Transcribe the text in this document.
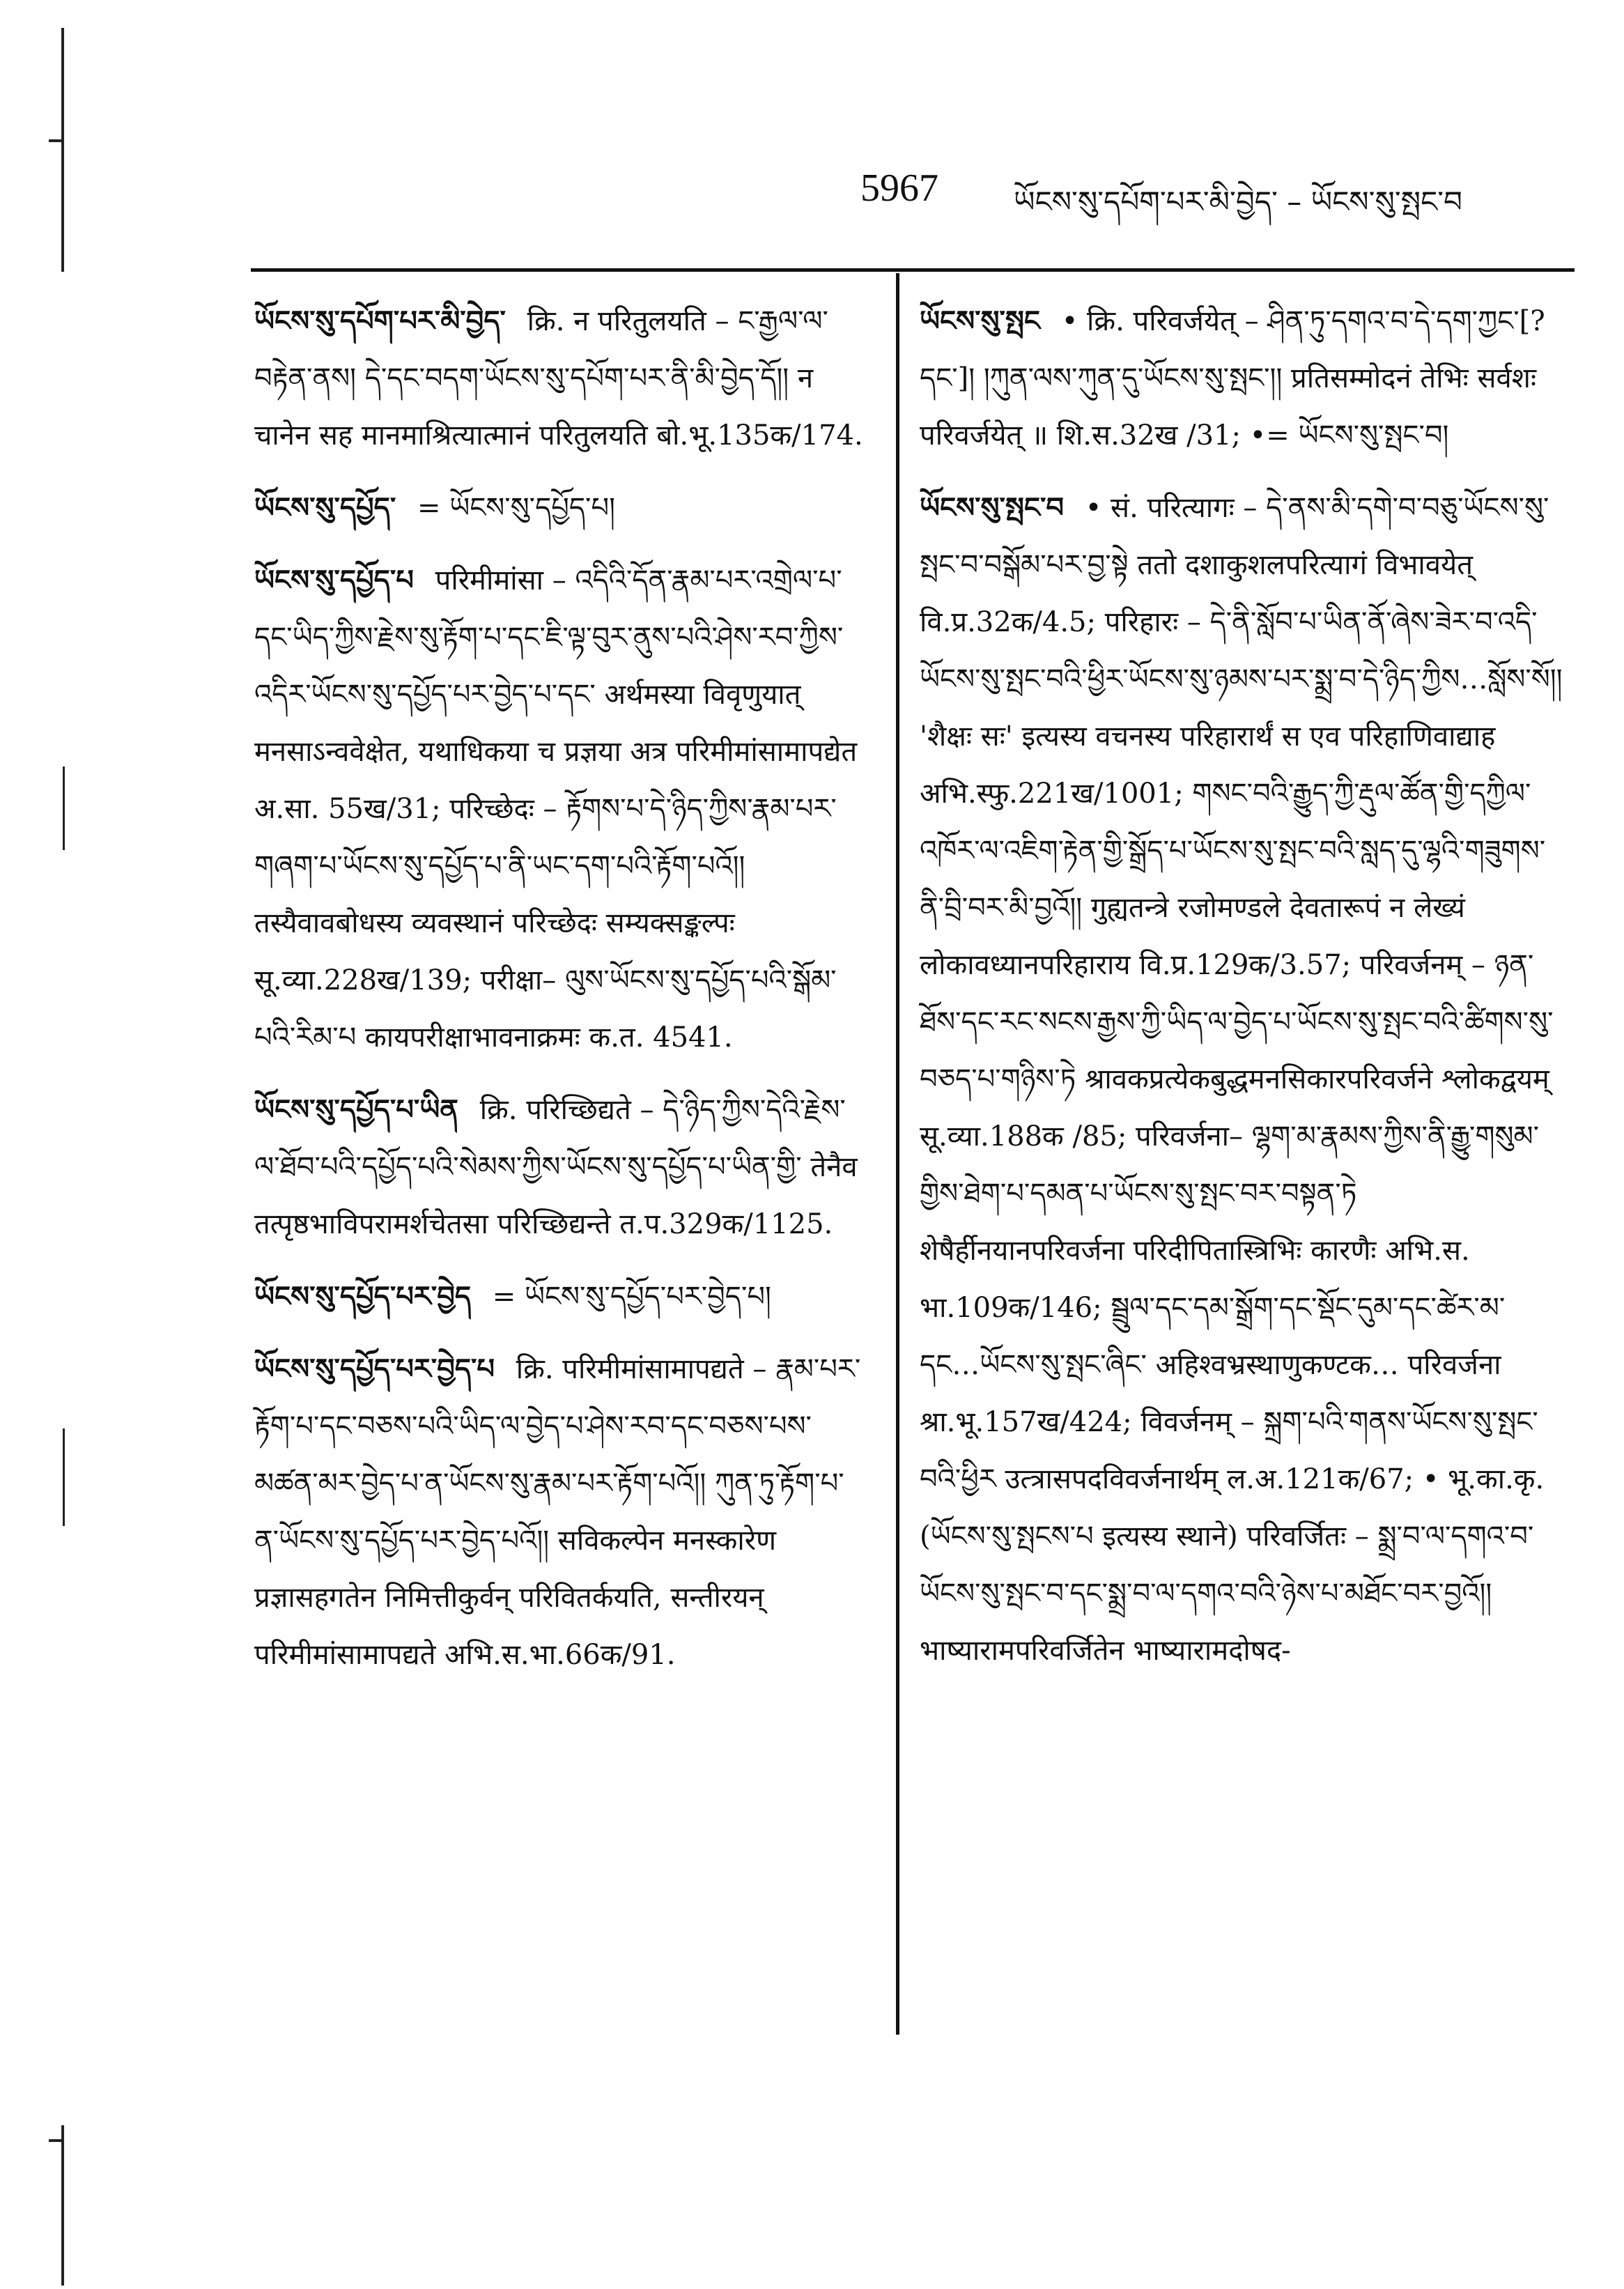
5967	ཡོངས་སུ་དཔོག་པར་མི་བྱེད་ – ཡོངས་སུ་སྤང་བ

ཡོངས་སུ་དཔོག་པར་མི་བྱེད་ क्रि. न परितुलयति – ང་རྒྱལ་ལ་བརྟེན་ནས། དེ་དང་བདག་ཡོངས་སུ་དཔོག་པར་ནི་མི་བྱེད་དོ།། न चानेन सह मानमाश्रित्यात्मानं परितुलयति बो.भू.135क/174.

ཡོངས་སུ་དཔྱོད་ = ཡོངས་སུ་དཔྱོད་པ།

ཡོངས་སུ་དཔྱོད་པ परिमीमांसा – འདིའི་དོན་རྣམ་པར་འགྲེལ་པ་དང་ཡིད་ཀྱིས་རྗེས་སུ་རྟོག་པ་དང་ཇི་ལྟ་བུར་ནུས་པའི་ཤེས་རབ་ཀྱིས་འདིར་ཡོངས་སུ་དཔྱོད་པར་བྱེད་པ་དང་ अर्थमस्या विवृणुयात् मनसाऽन्ववेक्षेत, यथाधिकया च प्रज्ञया अत्र परिमीमांसामापद्येत अ.सा. 55ख/31; परिच्छेदः – རྟོགས་པ་དེ་ཉིད་ཀྱིས་རྣམ་པར་གཞག་པ་ཡོངས་སུ་དཔྱོད་པ་ནི་ཡང་དག་པའི་རྟོག་པའོ།། तस्यैवावबोधस्य व्यवस्थानं परिच्छेदः सम्यक्सङ्कल्पः सू.व्या.228ख/139; परीक्षा– ལུས་ཡོངས་སུ་དཔྱོད་པའི་སྒོམ་པའི་རིམ་པ कायपरीक्षाभावनाक्रमः क.त. 4541.

ཡོངས་སུ་དཔྱོད་པ་ཡིན क्रि. परिच्छिद्यते – དེ་ཉིད་ཀྱིས་དེའི་རྗེས་ལ་ཐོབ་པའི་དཔྱོད་པའི་སེམས་ཀྱིས་ཡོངས་སུ་དཔྱོད་པ་ཡིན་གྱི་ तेनैव तत्पृष्ठभाविपरामर्शचेतसा परिच्छिद्यन्ते त.प.329क/1125.

ཡོངས་སུ་དཔྱོད་པར་བྱེད = ཡོངས་སུ་དཔྱོད་པར་བྱེད་པ།

ཡོངས་སུ་དཔྱོད་པར་བྱེད་པ क्रि. परिमीमांसामापद्यते – རྣམ་པར་རྟོག་པ་དང་བཅས་པའི་ཡིད་ལ་བྱེད་པ་ཤེས་རབ་དང་བཅས་པས་མཚན་མར་བྱེད་པ་ན་ཡོངས་སུ་རྣམ་པར་རྟོག་པའོ།། ཀུན་ཏུ་རྟོག་པ་ན་ཡོངས་སུ་དཔྱོད་པར་བྱེད་པའོ།། सविकल्पेन मनस्कारेण प्रज्ञासहगतेन निमित्तीकुर्वन् परिवितर्कयति, सन्तीरयन् परिमीमांसामापद्यते अभि.स.भा.66क/91.

ཡོངས་སུ་སྤང • क्रि. परिवर्जयेत् – ཤིན་ཏུ་དགའ་བ་དེ་དག་ཀྱང་[? དང་]། །ཀུན་ལས་ཀུན་དུ་ཡོངས་སུ་སྤང་།། प्रतिसम्मोदनं तेभिः सर्वशः परिवर्जयेत् ॥ शि.स.32ख /31; •= ཡོངས་སུ་སྤང་བ།

ཡོངས་སུ་སྤང་བ • सं. परित्यागः – དེ་ནས་མི་དགེ་བ་བཅུ་ཡོངས་སུ་སྤང་བ་བསྒོམ་པར་བྱ་སྟེ ततो दशाकुशलपरित्यागं विभावयेत् वि.प्र.32क/4.5; परिहारः – དེ་ནི་སློབ་པ་ཡིན་ནོ་ཞེས་ཟེར་བ་འདི་ཡོངས་སུ་སྤང་བའི་ཕྱིར་ཡོངས་སུ་ཉམས་པར་སྨྲ་བ་དེ་ཉིད་ཀྱིས…སློས་སོ།། 'शैक्षः सः' इत्यस्य वचनस्य परिहारार्थं स एव परिहाणिवाद्याह अभि.स्फु.221ख/1001; གསང་བའི་རྒྱུད་ཀྱི་རྡུལ་ཚོན་གྱི་དཀྱིལ་འཁོར་ལ་འཇིག་རྟེན་གྱི་སྒྲོད་པ་ཡོངས་སུ་སྤང་བའི་སླད་དུ་ལྷའི་གཟུགས་ནི་བྲི་བར་མི་བྱའོ།། गुह्यतन्त्रे रजोमण्डले देवतारूपं न लेख्यं लोकावध्यानपरिहाराय वि.प्र.129क/3.57; परिवर्जनम् – ཉན་ཐོས་དང་རང་སངས་རྒྱས་ཀྱི་ཡིད་ལ་བྱེད་པ་ཡོངས་སུ་སྤང་བའི་ཚིགས་སུ་བཅད་པ་གཉིས་ཏེ श्रावकप्रत्येकबुद्धमनसिकारपरिवर्जने श्लोकद्वयम् सू.व्या.188क /85; परिवर्जना– ལྷག་མ་རྣམས་ཀྱིས་ནི་རྒྱུ་གསུམ་གྱིས་ཐེག་པ་དམན་པ་ཡོངས་སུ་སྤང་བར་བསྟན་ཏེ शेषैर्हीनयानपरिवर्जना परिदीपितास्त्रिभिः कारणैः अभि.स. भा.109क/146; སྦྲུལ་དང་དམ་སྒྲོག་དང་སྡོང་དུམ་དང་ཚེར་མ་དང…ཡོངས་སུ་སྤང་ཞིང་ अहिश्वभ्रस्थाणुकण्टक… परिवर्जना श्रा.भू.157ख/424; विवर्जनम् – སྐྲག་པའི་གནས་ཡོངས་སུ་སྤང་བའི་ཕྱིར उत्त्रासपदविवर्जनार्थम् ल.अ.121क/67; • भू.का.कृ. (ཡོངས་སུ་སྤངས་པ इत्यस्य स्थाने) परिवर्जितः – སྨྲ་བ་ལ་དགའ་བ་ཡོངས་སུ་སྤང་བ་དང་སྨྲ་བ་ལ་དགའ་བའི་ཉེས་པ་མཐོང་བར་བྱའོ།། भाष्यारामपरिवर्जितेन भाष्यारामदोषद-
